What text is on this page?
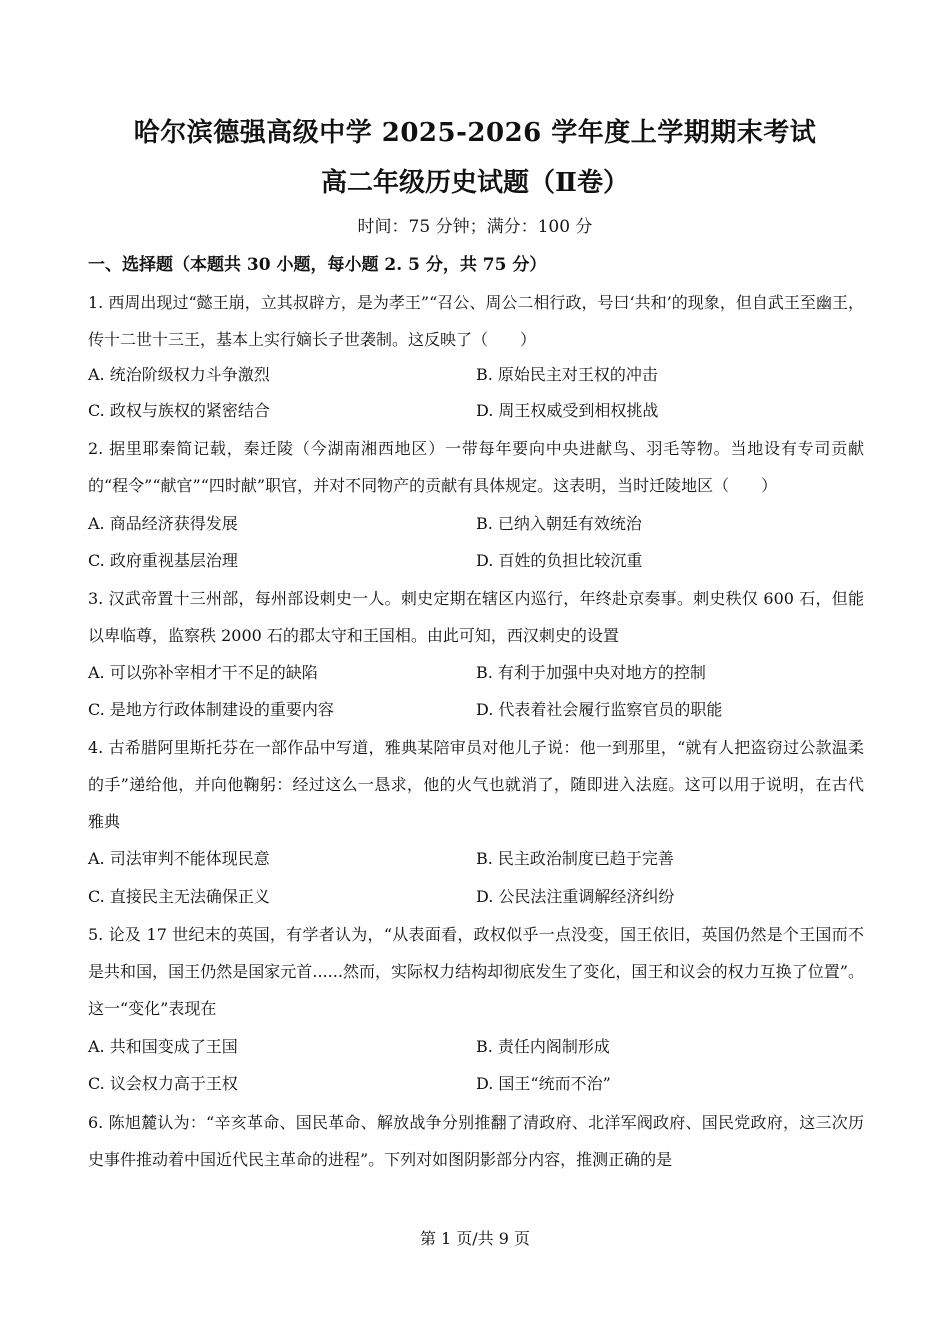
哈尔滨德强高级中学 2025-2026 学年度上学期期末考试
高二年级历史试题（Ⅱ卷）
时间：75 分钟；满分：100 分
一、选择题（本题共 30 小题，每小题 2. 5 分，共 75 分）
1. 西周出现过“懿王崩，立其叔辟方，是为孝王”“召公、周公二相行政，号曰‘共和’的现象，但自武王至幽王，传十二世十三王，基本上实行嫡长子世袭制。这反映了（　　）
A. 统治阶级权力斗争激烈	B. 原始民主对王权的冲击
C. 政权与族权的紧密结合	D. 周王权威受到相权挑战
2. 据里耶秦简记载，秦迁陵（今湖南湘西地区）一带每年要向中央进献鸟、羽毛等物。当地设有专司贡献的“程令”“献官”“四时献”职官，并对不同物产的贡献有具体规定。这表明，当时迁陵地区（　　）
A. 商品经济获得发展	B. 已纳入朝廷有效统治
C. 政府重视基层治理	D. 百姓的负担比较沉重
3. 汉武帝置十三州部，每州部设刺史一人。刺史定期在辖区内巡行，年终赴京奏事。刺史秩仅 600 石，但能以卑临尊，监察秩 2000 石的郡太守和王国相。由此可知，西汉刺史的设置
A. 可以弥补宰相才干不足的缺陷	B. 有利于加强中央对地方的控制
C. 是地方行政体制建设的重要内容	D. 代表着社会履行监察官员的职能
4. 古希腊阿里斯托芬在一部作品中写道，雅典某陪审员对他儿子说：他一到那里，“就有人把盗窃过公款温柔的手”递给他，并向他鞠躬：经过这么一恳求，他的火气也就消了，随即进入法庭。这可以用于说明，在古代雅典
A. 司法审判不能体现民意	B. 民主政治制度已趋于完善
C. 直接民主无法确保正义	D. 公民法注重调解经济纠纷
5. 论及 17 世纪末的英国，有学者认为，“从表面看，政权似乎一点没变，国王依旧，英国仍然是个王国而不是共和国，国王仍然是国家元首......然而，实际权力结构却彻底发生了变化，国王和议会的权力互换了位置”。这一“变化”表现在
A. 共和国变成了王国	B. 责任内阁制形成
C. 议会权力高于王权	D. 国王“统而不治”
6. 陈旭麓认为：“辛亥革命、国民革命、解放战争分别推翻了清政府、北洋军阀政府、国民党政府，这三次历史事件推动着中国近代民主革命的进程”。下列对如图阴影部分内容，推测正确的是
第 1 页/共 9 页
